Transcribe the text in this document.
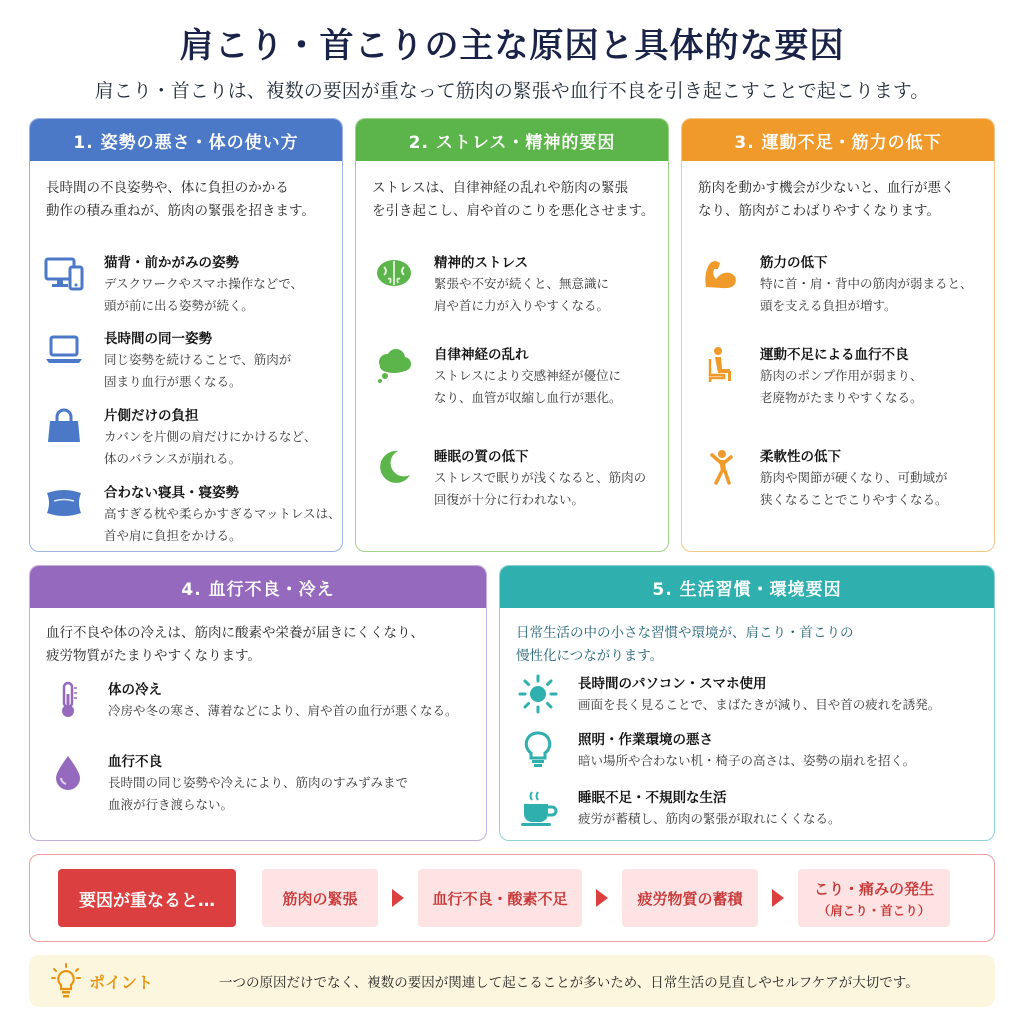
肩こり・首こりの主な原因と具体的な要因
肩こり・首こりは、複数の要因が重なって筋肉の緊張や血行不良を引き起こすことで起こります。
1. 姿勢の悪さ・体の使い方
長時間の不良姿勢や、体に負担のかかる
動作の積み重ねが、筋肉の緊張を招きます。
猫背・前かがみの姿勢
デスクワークやスマホ操作などで、
頭が前に出る姿勢が続く。
長時間の同一姿勢
同じ姿勢を続けることで、筋肉が
固まり血行が悪くなる。
片側だけの負担
カバンを片側の肩だけにかけるなど、
体のバランスが崩れる。
合わない寝具・寝姿勢
高すぎる枕や柔らかすぎるマットレスは、
首や肩に負担をかける。
2. ストレス・精神的要因
ストレスは、自律神経の乱れや筋肉の緊張
を引き起こし、肩や首のこりを悪化させます。
精神的ストレス
緊張や不安が続くと、無意識に
肩や首に力が入りやすくなる。
自律神経の乱れ
ストレスにより交感神経が優位に
なり、血管が収縮し血行が悪化。
睡眠の質の低下
ストレスで眠りが浅くなると、筋肉の
回復が十分に行われない。
3. 運動不足・筋力の低下
筋肉を動かす機会が少ないと、血行が悪く
なり、筋肉がこわばりやすくなります。
筋力の低下
特に首・肩・背中の筋肉が弱まると、
頭を支える負担が増す。
運動不足による血行不良
筋肉のポンプ作用が弱まり、
老廃物がたまりやすくなる。
柔軟性の低下
筋肉や関節が硬くなり、可動域が
狭くなることでこりやすくなる。
4. 血行不良・冷え
血行不良や体の冷えは、筋肉に酸素や栄養が届きにくくなり、
疲労物質がたまりやすくなります。
体の冷え
冷房や冬の寒さ、薄着などにより、肩や首の血行が悪くなる。
血行不良
長時間の同じ姿勢や冷えにより、筋肉のすみずみまで
血液が行き渡らない。
5. 生活習慣・環境要因
日常生活の中の小さな習慣や環境が、肩こり・首こりの
慢性化につながります。
長時間のパソコン・スマホ使用
画面を長く見ることで、まばたきが減り、目や首の疲れを誘発。
照明・作業環境の悪さ
暗い場所や合わない机・椅子の高さは、姿勢の崩れを招く。
睡眠不足・不規則な生活
疲労が蓄積し、筋肉の緊張が取れにくくなる。
要因が重なると…	筋肉の緊張	血行不良・酸素不足	疲労物質の蓄積
こり・痛みの発生
（肩こり・首こり）
ポイント	一つの原因だけでなく、複数の要因が関連して起こることが多いため、日常生活の見直しやセルフケアが大切です。
